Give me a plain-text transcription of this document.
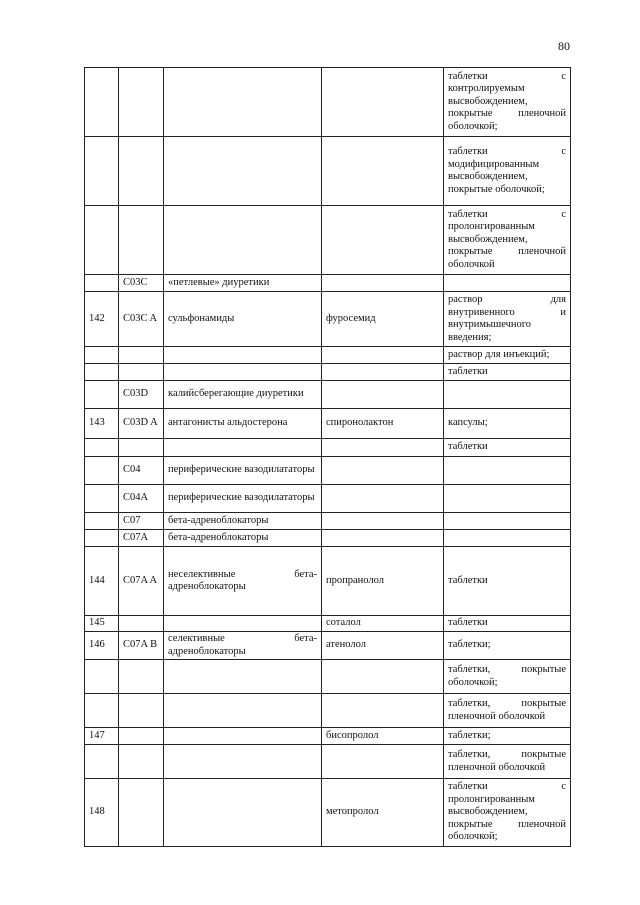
80
				таблетки с контролируемым высвобождением, покрытые пленочной оболочкой;
				таблетки с модифицированным высвобождением, покрытые оболочкой;
				таблетки с пролонгированным высвобождением, покрытые пленочной оболочкой
	C03C	«петлевые» диуретики		
142	C03C A	сульфонамиды	фуросемид	раствор для внутривенного и внутримышечного введения;
				раствор для инъекций;
				таблетки
	C03D	калийсберегающие диуретики		
143	C03D A	антагонисты альдостерона	спиронолактон	капсулы;
				таблетки
	C04	периферические вазодилататоры		
	C04A	периферические вазодилататоры		
	C07	бета-адреноблокаторы		
	C07A	бета-адреноблокаторы		
144	C07A A	неселективные бета-адреноблокаторы	пропранолол	таблетки
145			соталол	таблетки
146	C07A B	селективные бета-адреноблокаторы	атенолол	таблетки;
				таблетки, покрытые оболочкой;
				таблетки, покрытые пленочной оболочкой
147			бисопролол	таблетки;
				таблетки, покрытые пленочной оболочкой
148			метопролол	таблетки с пролонгированным высвобождением, покрытые пленочной оболочкой;
